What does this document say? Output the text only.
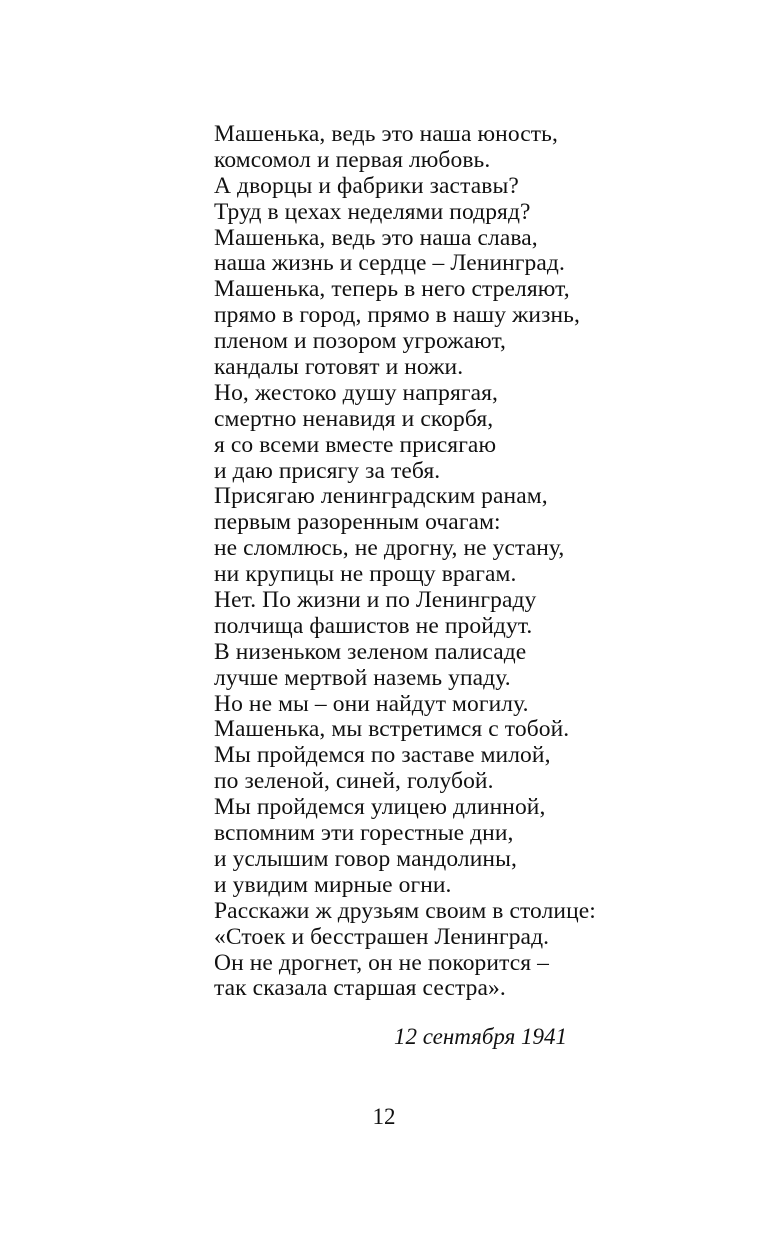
Машенька, ведь это наша юность,
комсомол и первая любовь.
А дворцы и фабрики заставы?
Труд в цехах неделями подряд?
Машенька, ведь это наша слава,
наша жизнь и сердце – Ленинград.
Машенька, теперь в него стреляют,
прямо в город, прямо в нашу жизнь,
пленом и позором угрожают,
кандалы готовят и ножи.
Но, жестоко душу напрягая,
смертно ненавидя и скорбя,
я со всеми вместе присягаю
и даю присягу за тебя.
Присягаю ленинградским ранам,
первым разоренным очагам:
не сломлюсь, не дрогну, не устану,
ни крупицы не прощу врагам.
Нет. По жизни и по Ленинграду
полчища фашистов не пройдут.
В низеньком зеленом палисаде
лучше мертвой наземь упаду.
Но не мы – они найдут могилу.
Машенька, мы встретимся с тобой.
Мы пройдемся по заставе милой,
по зеленой, синей, голубой.
Мы пройдемся улицею длинной,
вспомним эти горестные дни,
и услышим говор мандолины,
и увидим мирные огни.
Расскажи ж друзьям своим в столице:
«Стоек и бесстрашен Ленинград.
Он не дрогнет, он не покорится –
так сказала старшая сестра».
12 сентября 1941
12
